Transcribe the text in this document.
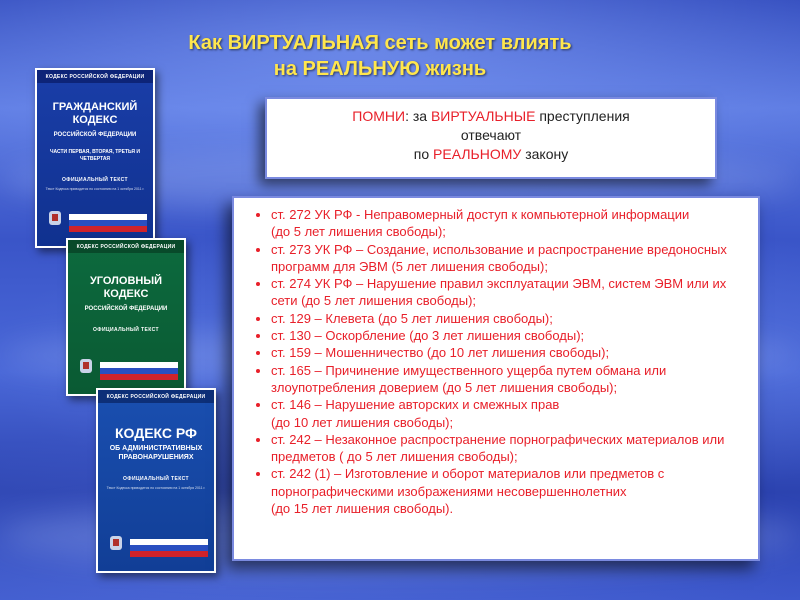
Как ВИРТУАЛЬНАЯ сеть может влиять
на РЕАЛЬНУЮ жизнь
КОДЕКС РОССИЙСКОЙ ФЕДЕРАЦИИ
ГРАЖДАНСКИЙ
КОДЕКС
РОССИЙСКОЙ ФЕДЕРАЦИИ
ЧАСТИ ПЕРВАЯ, ВТОРАЯ, ТРЕТЬЯ И ЧЕТВЕРТАЯ
ОФИЦИАЛЬНЫЙ ТЕКСТ
Текст Кодекса приводится по состоянию на 1 октября 2011 г.
КОДЕКС РОССИЙСКОЙ ФЕДЕРАЦИИ
УГОЛОВНЫЙ
КОДЕКС
РОССИЙСКОЙ ФЕДЕРАЦИИ
ОФИЦИАЛЬНЫЙ ТЕКСТ
КОДЕКС РОССИЙСКОЙ ФЕДЕРАЦИИ
КОДЕКС РФ
ОБ АДМИНИСТРАТИВНЫХ
ПРАВОНАРУШЕНИЯХ
ОФИЦИАЛЬНЫЙ ТЕКСТ
Текст Кодекса приводится по состоянию на 1 октября 2011 г.
ПОМНИ: за ВИРТУАЛЬНЫЕ преступления
отвечают
по РЕАЛЬНОМУ закону
• ст. 272 УК РФ - Неправомерный доступ к компьютерной информации
(до 5 лет лишения свободы);
• ст. 273 УК РФ – Создание, использование и распространение вредоносных программ для ЭВМ (5 лет лишения свободы);
• ст. 274 УК РФ – Нарушение правил эксплуатации ЭВМ, систем ЭВМ или их сети (до 5 лет лишения свободы);
• ст. 129 – Клевета (до 5 лет лишения свободы);
• ст. 130 – Оскорбление (до 3 лет лишения свободы);
• ст. 159 – Мошенничество (до 10 лет лишения свободы);
• ст. 165 – Причинение имущественного ущерба путем обмана или злоупотребления доверием (до 5 лет лишения свободы);
• ст. 146 – Нарушение авторских и смежных прав
(до 10 лет лишения свободы);
• ст. 242 – Незаконное распространение порнографических материалов или предметов ( до 5 лет лишения свободы);
• ст. 242 (1) – Изготовление и оборот материалов или предметов с порнографическими изображениями несовершеннолетних
(до 15 лет лишения свободы).
